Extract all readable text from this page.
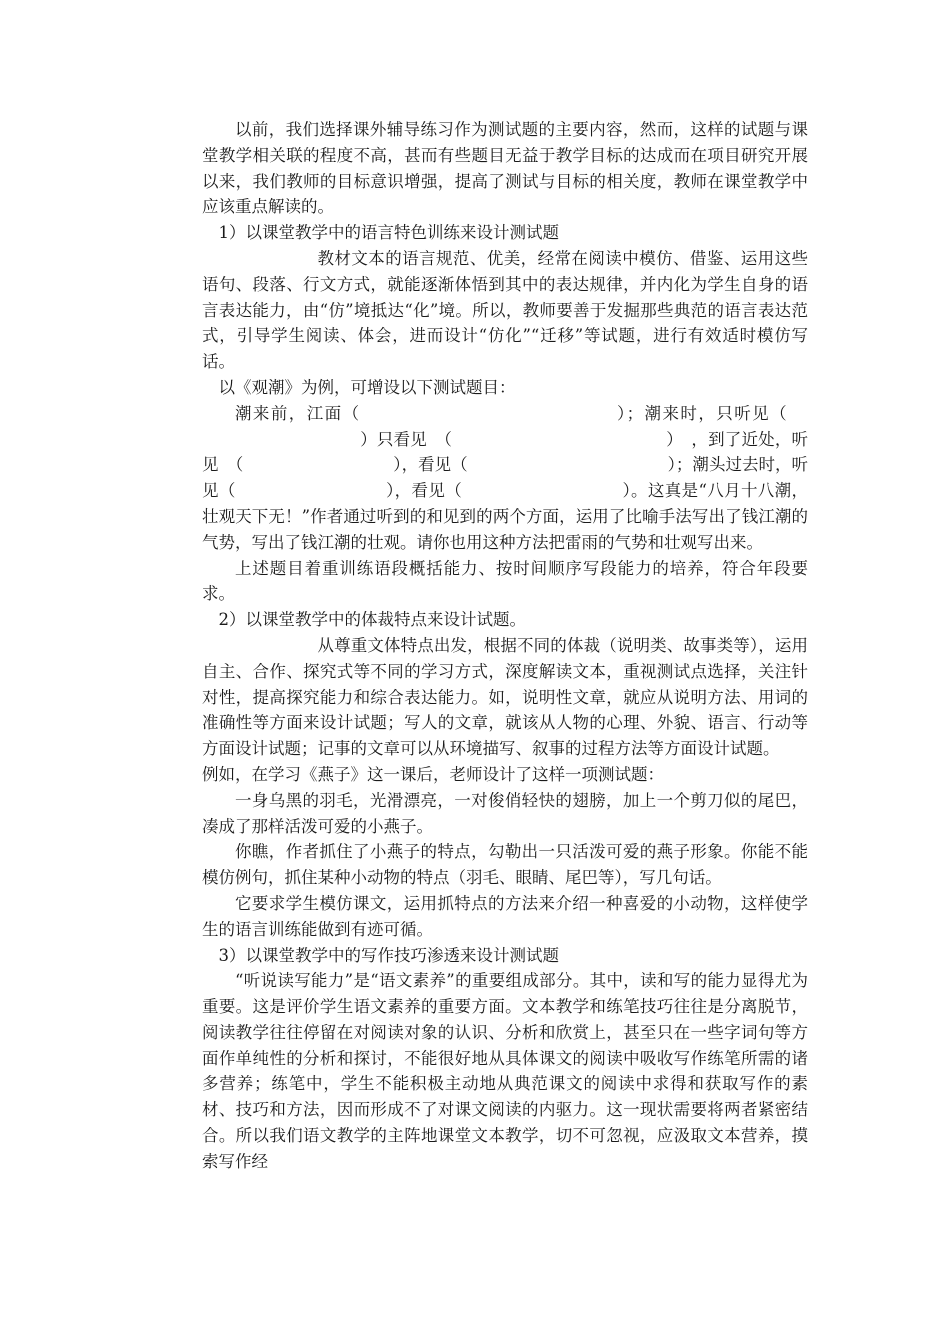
以前，我们选择课外辅导练习作为测试题的主要内容，然而，这样的试题与课堂教学相关联的程度不高，甚而有些题目无益于教学目标的达成而在项目研究开展以来，我们教师的目标意识增强，提高了测试与目标的相关度，教师在课堂教学中应该重点解读的。

1）以课堂教学中的语言特色训练来设计测试题

教材文本的语言规范、优美，经常在阅读中模仿、借鉴、运用这些语句、段落、行文方式，就能逐渐体悟到其中的表达规律，并内化为学生自身的语言表达能力，由“仿”境抵达“化”境。所以，教师要善于发掘那些典范的语言表达范式，引导学生阅读、体会，进而设计“仿化”“迁移”等试题，进行有效适时模仿写话。

以《观潮》为例，可增设以下测试题目：

潮来前，江面（	）；潮来时，只听见（）只看见　（	）　，到了近处，听见　（	），看见（	）；潮头过去时，听见（	），看见（	）。这真是“八月十八潮，壮观天下无！”作者通过听到的和见到的两个方面，运用了比喻手法写出了钱江潮的气势，写出了钱江潮的壮观。请你也用这种方法把雷雨的气势和壮观写出来。

上述题目着重训练语段概括能力、按时间顺序写段能力的培养，符合年段要求。

2）以课堂教学中的体裁特点来设计试题。

从尊重文体特点出发，根据不同的体裁（说明类、故事类等），运用自主、合作、探究式等不同的学习方式，深度解读文本，重视测试点选择，关注针对性，提高探究能力和综合表达能力。如，说明性文章，就应从说明方法、用词的准确性等方面来设计试题；写人的文章，就该从人物的心理、外貌、语言、行动等方面设计试题；记事的文章可以从环境描写、叙事的过程方法等方面设计试题。

例如，在学习《燕子》这一课后，老师设计了这样一项测试题：

一身乌黑的羽毛，光滑漂亮，一对俊俏轻快的翅膀，加上一个剪刀似的尾巴，凑成了那样活泼可爱的小燕子。

你瞧，作者抓住了小燕子的特点，勾勒出一只活泼可爱的燕子形象。你能不能模仿例句，抓住某种小动物的特点（羽毛、眼睛、尾巴等），写几句话。

它要求学生模仿课文，运用抓特点的方法来介绍一种喜爱的小动物，这样使学生的语言训练能做到有迹可循。

3）以课堂教学中的写作技巧渗透来设计测试题

“听说读写能力”是“语文素养”的重要组成部分。其中，读和写的能力显得尤为重要。这是评价学生语文素养的重要方面。文本教学和练笔技巧往往是分离脱节，阅读教学往往停留在对阅读对象的认识、分析和欣赏上，甚至只在一些字词句等方面作单纯性的分析和探讨，不能很好地从具体课文的阅读中吸收写作练笔所需的诸多营养；练笔中，学生不能积极主动地从典范课文的阅读中求得和获取写作的素材、技巧和方法，因而形成不了对课文阅读的内驱力。这一现状需要将两者紧密结合。所以我们语文教学的主阵地课堂文本教学，切不可忽视，应汲取文本营养，摸索写作经
